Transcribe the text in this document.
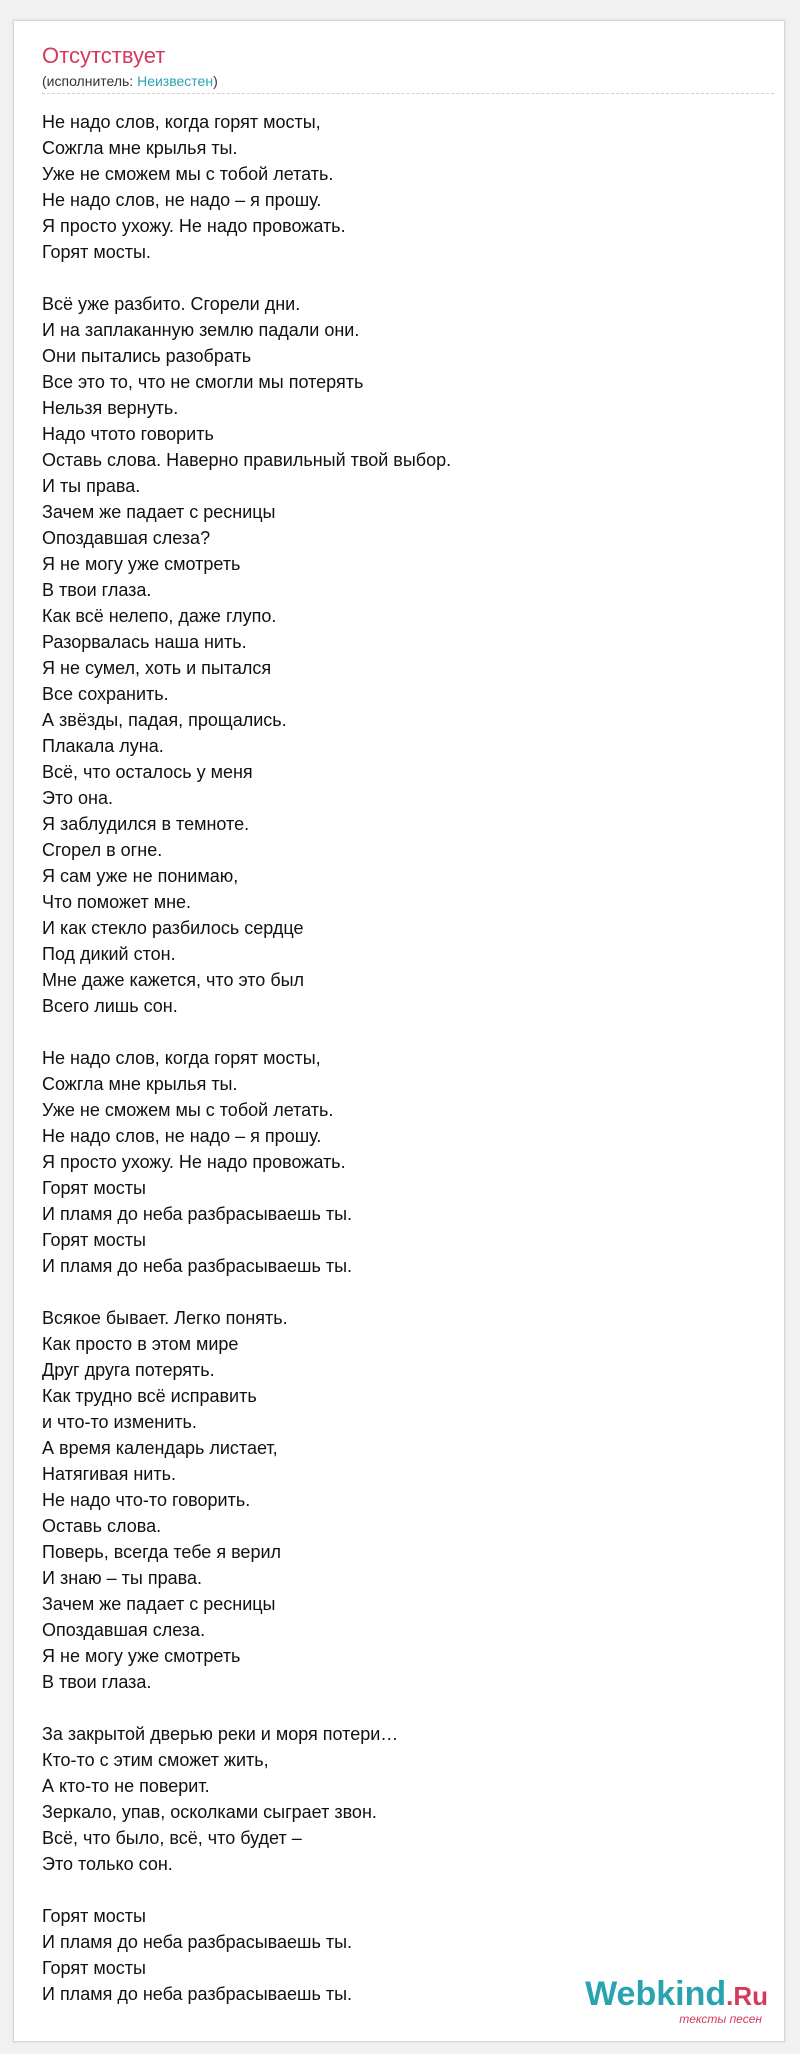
Отсутствует
(исполнитель: Неизвестен)
Не надо слов, когда горят мосты,
Сожгла мне крылья ты.
Уже не сможем мы с тобой летать.
Не надо слов, не надо – я прошу.
Я просто ухожу. Не надо провожать.
Горят мосты.
Всё уже разбито. Сгорели дни.
И на заплаканную землю падали они.
Они пытались разобрать
Все это то, что не смогли мы потерять
Нельзя вернуть.
Надо чтото говорить
Оставь слова. Наверно правильный твой выбор.
И ты права.
Зачем же падает с ресницы
Опоздавшая слеза?
Я не могу уже смотреть
В твои глаза.
Как всё нелепо, даже глупо.
Разорвалась наша нить.
Я не сумел, хоть и пытался
Все сохранить.
А звёзды, падая, прощались.
Плакала луна.
Всё, что осталось у меня
Это она.
Я заблудился в темноте.
Сгорел в огне.
Я сам уже не понимаю,
Что поможет мне.
И как стекло разбилось сердце
Под дикий стон.
Мне даже кажется, что это был
Всего лишь сон.
Не надо слов, когда горят мосты,
Сожгла мне крылья ты.
Уже не сможем мы с тобой летать.
Не надо слов, не надо – я прошу.
Я просто ухожу. Не надо провожать.
Горят мосты
И пламя до неба разбрасываешь ты.
Горят мосты
И пламя до неба разбрасываешь ты.
Всякое бывает. Легко понять.
Как просто в этом мире
Друг друга потерять.
Как трудно всё исправить
и что-то изменить.
А время календарь листает,
Натягивая нить.
Не надо что-то говорить.
Оставь слова.
Поверь, всегда тебе я верил
И знаю – ты права.
Зачем же падает с ресницы
Опоздавшая слеза.
Я не могу уже смотреть
В твои глаза.
За закрытой дверью реки и моря потери…
Кто-то с этим сможет жить,
А кто-то не поверит.
Зеркало, упав, осколками сыграет звон.
Всё, что было, всё, что будет –
Это только сон.
Горят мосты
И пламя до неба разбрасываешь ты.
Горят мосты
И пламя до неба разбрасываешь ты.	Webkind.Ru
тексты песен
